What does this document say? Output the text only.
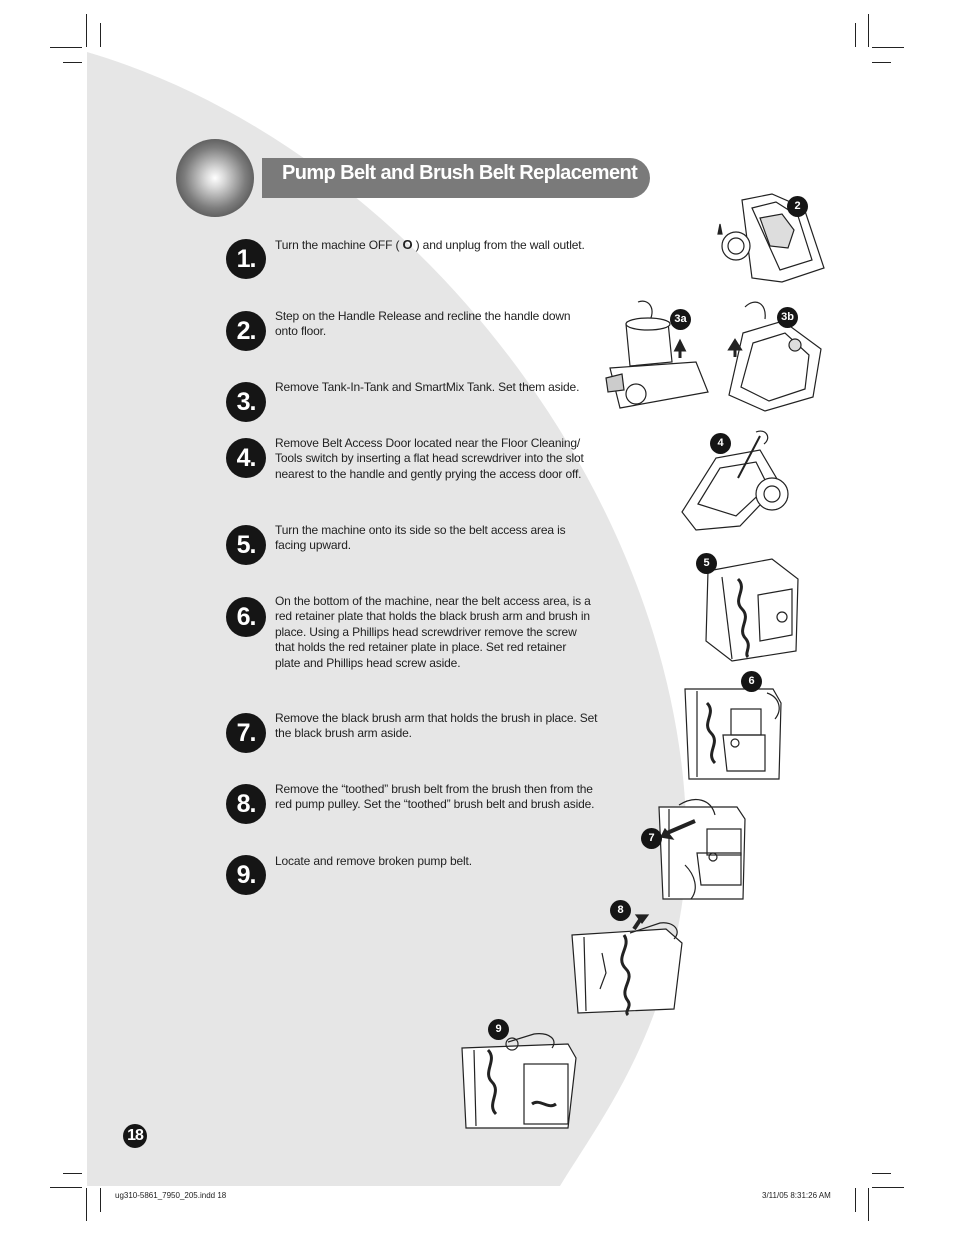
Pump Belt and Brush Belt Replacement
1.	Turn the machine OFF ( O ) and unplug from the wall outlet.
2.
Step on the Handle Release and recline the handle down onto floor.
3.
Remove Tank-In-Tank and SmartMix Tank. Set them aside.
4.
Remove Belt Access Door located near the Floor Cleaning/ Tools switch by inserting a flat head screwdriver into the slot nearest to the handle and gently prying the access door off.
5.
Turn the machine onto its side so the belt access area is facing upward.
6.
On the bottom of the machine, near the belt access area, is a red retainer plate that holds the black brush arm and brush in place. Using a Phillips head screwdriver remove the screw that holds the red retainer plate in place. Set red retainer plate and Phillips head screw aside.
7.
Remove the black brush arm that holds the brush in place. Set the black brush arm aside.
8.
Remove the “toothed” brush belt from the brush then from the red pump pulley. Set the “toothed” brush belt and brush aside.
9.	Locate and remove broken pump belt.
2
3a	3b
4
5
6
7
8
9
18
ug310-5861_7950_205.indd 18	3/11/05 8:31:26 AM
